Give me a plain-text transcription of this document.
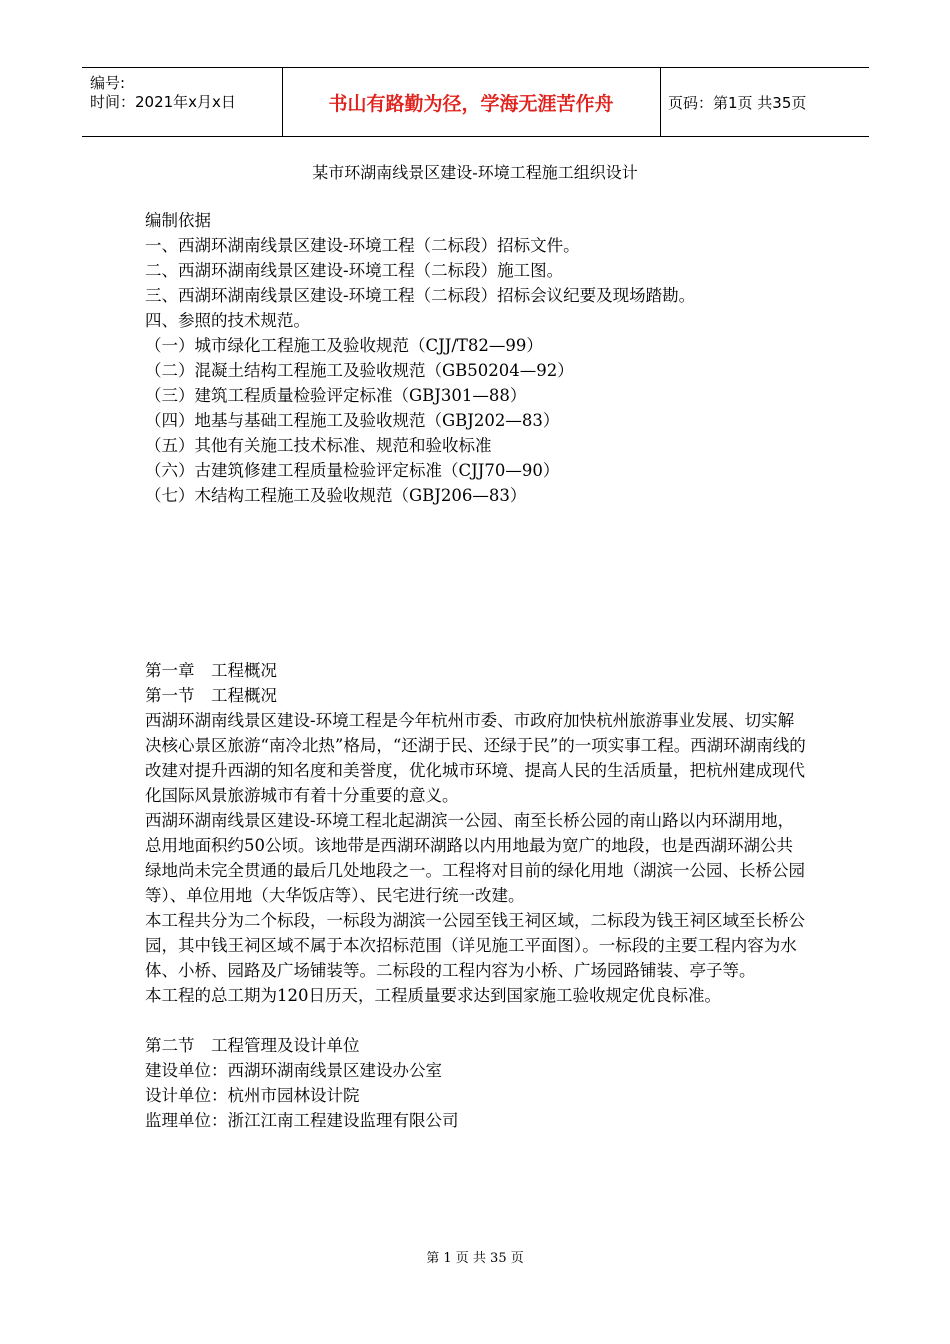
编号:
时间：2021年x月x日	书山有路勤为径，学海无涯苦作舟	页码：第1页 共35页
某市环湖南线景区建设-环境工程施工组织设计

编制依据

一、西湖环湖南线景区建设-环境工程（二标段）招标文件。

二、西湖环湖南线景区建设-环境工程（二标段）施工图。

三、西湖环湖南线景区建设-环境工程（二标段）招标会议纪要及现场踏勘。

四、参照的技术规范。

（一）城市绿化工程施工及验收规范（CJJ/T82—99）

（二）混凝土结构工程施工及验收规范（GB50204—92）

（三）建筑工程质量检验评定标准（GBJ301—88）

（四）地基与基础工程施工及验收规范（GBJ202—83）

（五）其他有关施工技术标准、规范和验收标准

（六）古建筑修建工程质量检验评定标准（CJJ70—90）

（七）木结构工程施工及验收规范（GBJ206—83）

第一章　工程概况

第一节　工程概况

西湖环湖南线景区建设-环境工程是今年杭州市委、市政府加快杭州旅游事业发展、切实解决核心景区旅游“南冷北热”格局，“还湖于民、还绿于民”的一项实事工程。西湖环湖南线的改建对提升西湖的知名度和美誉度，优化城市环境、提高人民的生活质量，把杭州建成现代化国际风景旅游城市有着十分重要的意义。

西湖环湖南线景区建设-环境工程北起湖滨一公园、南至长桥公园的南山路以内环湖用地，总用地面积约50公顷。该地带是西湖环湖路以内用地最为宽广的地段，也是西湖环湖公共绿地尚未完全贯通的最后几处地段之一。工程将对目前的绿化用地（湖滨一公园、长桥公园等）、单位用地（大华饭店等）、民宅进行统一改建。

本工程共分为二个标段，一标段为湖滨一公园至钱王祠区域，二标段为钱王祠区域至长桥公园，其中钱王祠区域不属于本次招标范围（详见施工平面图）。一标段的主要工程内容为水体、小桥、园路及广场铺装等。二标段的工程内容为小桥、广场园路铺装、亭子等。

本工程的总工期为120日历天，工程质量要求达到国家施工验收规定优良标准。

第二节　工程管理及设计单位

建设单位：西湖环湖南线景区建设办公室

设计单位：杭州市园林设计院

监理单位：浙江江南工程建设监理有限公司

第 1 页 共 35 页
